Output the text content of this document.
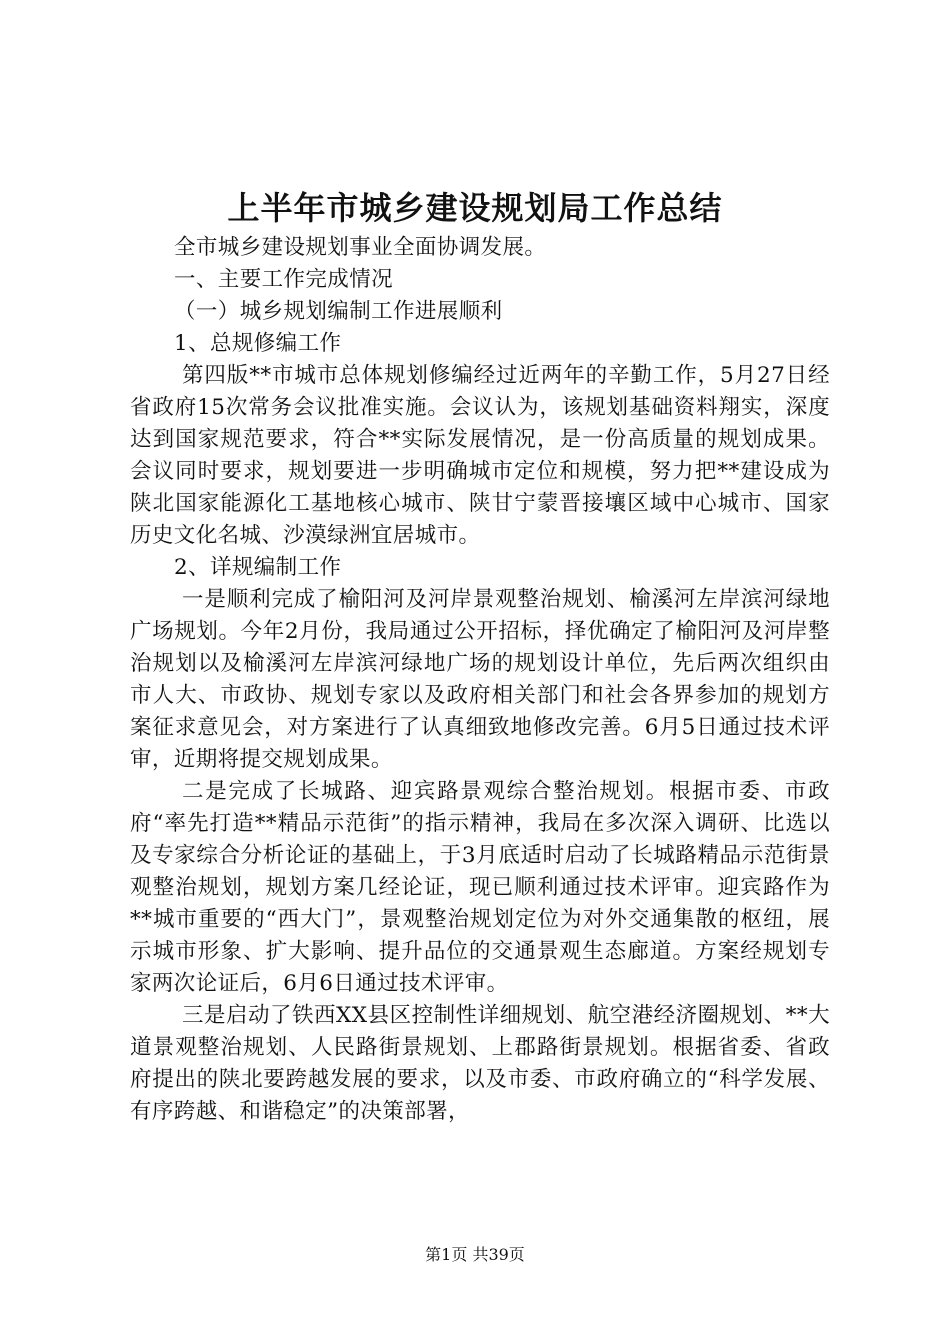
上半年市城乡建设规划局工作总结

全市城乡建设规划事业全面协调发展。

一、主要工作完成情况

（一）城乡规划编制工作进展顺利

1、总规修编工作

第四版**市城市总体规划修编经过近两年的辛勤工作，5月27日经省政府15次常务会议批准实施。会议认为，该规划基础资料翔实，深度达到国家规范要求，符合**实际发展情况，是一份高质量的规划成果。会议同时要求，规划要进一步明确城市定位和规模，努力把**建设成为陕北国家能源化工基地核心城市、陕甘宁蒙晋接壤区域中心城市、国家历史文化名城、沙漠绿洲宜居城市。

2、详规编制工作

一是顺利完成了榆阳河及河岸景观整治规划、榆溪河左岸滨河绿地广场规划。今年2月份，我局通过公开招标，择优确定了榆阳河及河岸整治规划以及榆溪河左岸滨河绿地广场的规划设计单位，先后两次组织由市人大、市政协、规划专家以及政府相关部门和社会各界参加的规划方案征求意见会，对方案进行了认真细致地修改完善。6月5日通过技术评审，近期将提交规划成果。

二是完成了长城路、迎宾路景观综合整治规划。根据市委、市政府“率先打造**精品示范街”的指示精神，我局在多次深入调研、比选以及专家综合分析论证的基础上，于3月底适时启动了长城路精品示范街景观整治规划，规划方案几经论证，现已顺利通过技术评审。迎宾路作为**城市重要的“西大门”，景观整治规划定位为对外交通集散的枢纽，展示城市形象、扩大影响、提升品位的交通景观生态廊道。方案经规划专家两次论证后，6月6日通过技术评审。

三是启动了铁西XX县区控制性详细规划、航空港经济圈规划、**大道景观整治规划、人民路街景规划、上郡路街景规划。根据省委、省政府提出的陕北要跨越发展的要求，以及市委、市政府确立的“科学发展、有序跨越、和谐稳定”的决策部署，

第1页 共39页
